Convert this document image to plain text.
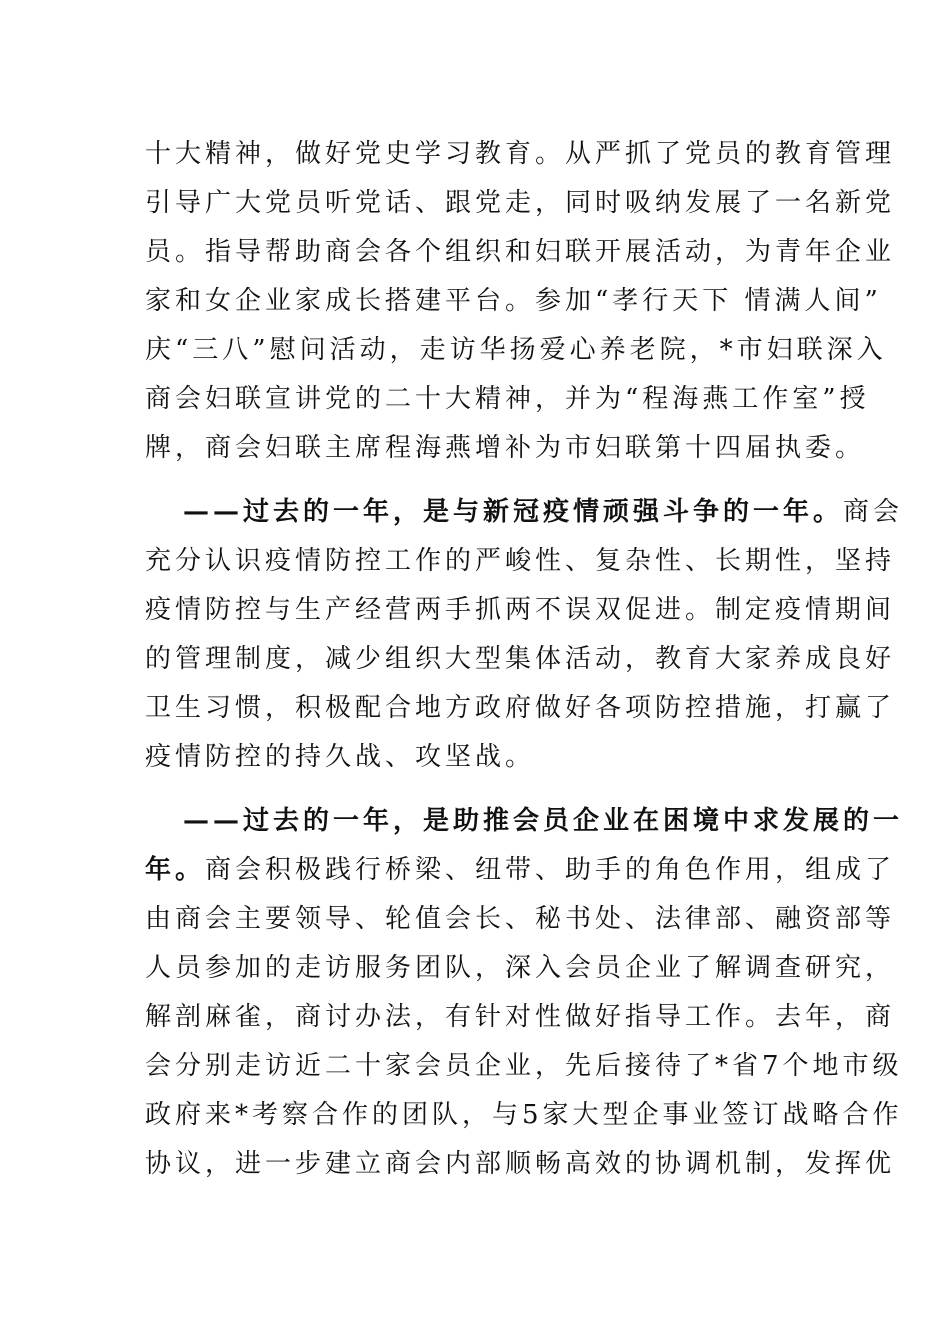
十大精神，做好党史学习教育。从严抓了党员的教育管理
引导广大党员听党话、跟党走，同时吸纳发展了一名新党
员。指导帮助商会各个组织和妇联开展活动，为青年企业
家和女企业家成长搭建平台。参加“孝行天下 情满人间”
庆“三八”慰问活动，走访华扬爱心养老院，*市妇联深入
商会妇联宣讲党的二十大精神，并为“程海燕工作室”授
牌，商会妇联主席程海燕增补为市妇联第十四届执委。
——过去的一年，是与新冠疫情顽强斗争的一年。商会
充分认识疫情防控工作的严峻性、复杂性、长期性，坚持
疫情防控与生产经营两手抓两不误双促进。制定疫情期间
的管理制度，减少组织大型集体活动，教育大家养成良好
卫生习惯，积极配合地方政府做好各项防控措施，打赢了
疫情防控的持久战、攻坚战。
——过去的一年，是助推会员企业在困境中求发展的一
年。商会积极践行桥梁、纽带、助手的角色作用，组成了
由商会主要领导、轮值会长、秘书处、法律部、融资部等
人员参加的走访服务团队，深入会员企业了解调查研究，
解剖麻雀，商讨办法，有针对性做好指导工作。去年，商
会分别走访近二十家会员企业，先后接待了*省7个地市级
政府来*考察合作的团队，与5家大型企事业签订战略合作
协议，进一步建立商会内部顺畅高效的协调机制，发挥优
